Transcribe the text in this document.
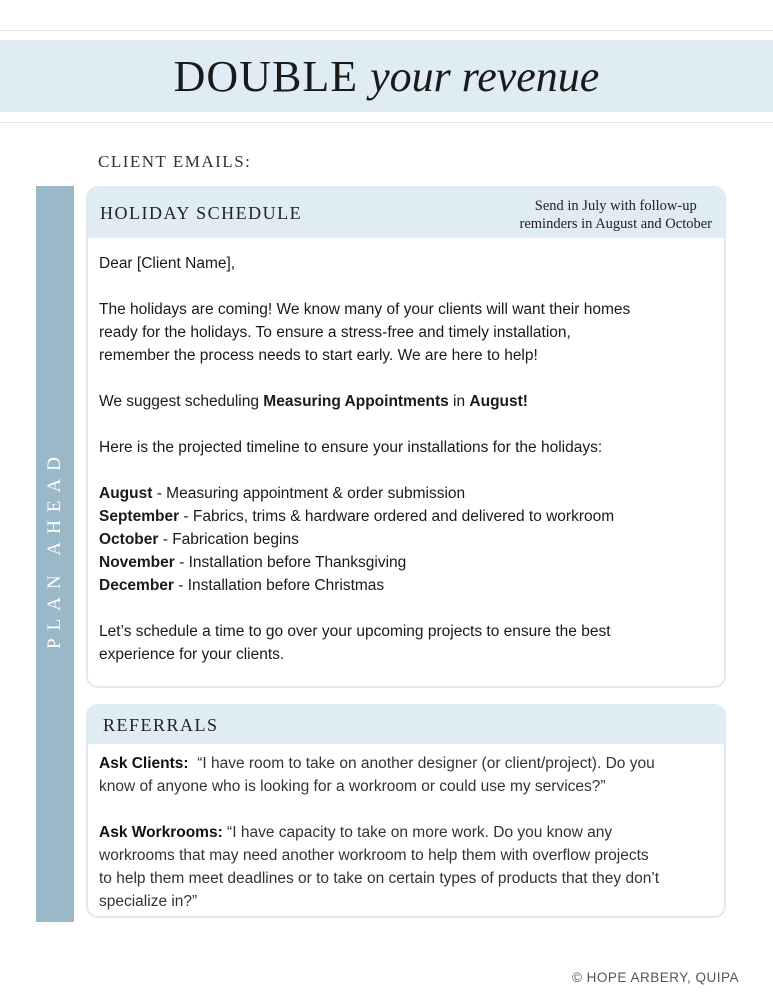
DOUBLE your revenue
CLIENT EMAILS:
PLAN AHEAD
HOLIDAY SCHEDULE	Send in July with follow-up
reminders in August and October

Dear [Client Name],

The holidays are coming! We know many of your clients will want their homes

ready for the holidays. To ensure a stress-free and timely installation,

remember the process needs to start early. We are here to help!

We suggest scheduling Measuring Appointments in August!

Here is the projected timeline to ensure your installations for the holidays:

August - Measuring appointment & order submission

September - Fabrics, trims & hardware ordered and delivered to workroom

October - Fabrication begins

November - Installation before Thanksgiving

December - Installation before Christmas

Let’s schedule a time to go over your upcoming projects to ensure the best

experience for your clients.

REFERRALS

Ask Clients:  “I have room to take on another designer (or client/project). Do you

know of anyone who is looking for a workroom or could use my services?”

Ask Workrooms: “I have capacity to take on more work. Do you know any

workrooms that may need another workroom to help them with overflow projects

to help them meet deadlines or to take on certain types of products that they don’t

specialize in?”

© HOPE ARBERY, QUIPA
